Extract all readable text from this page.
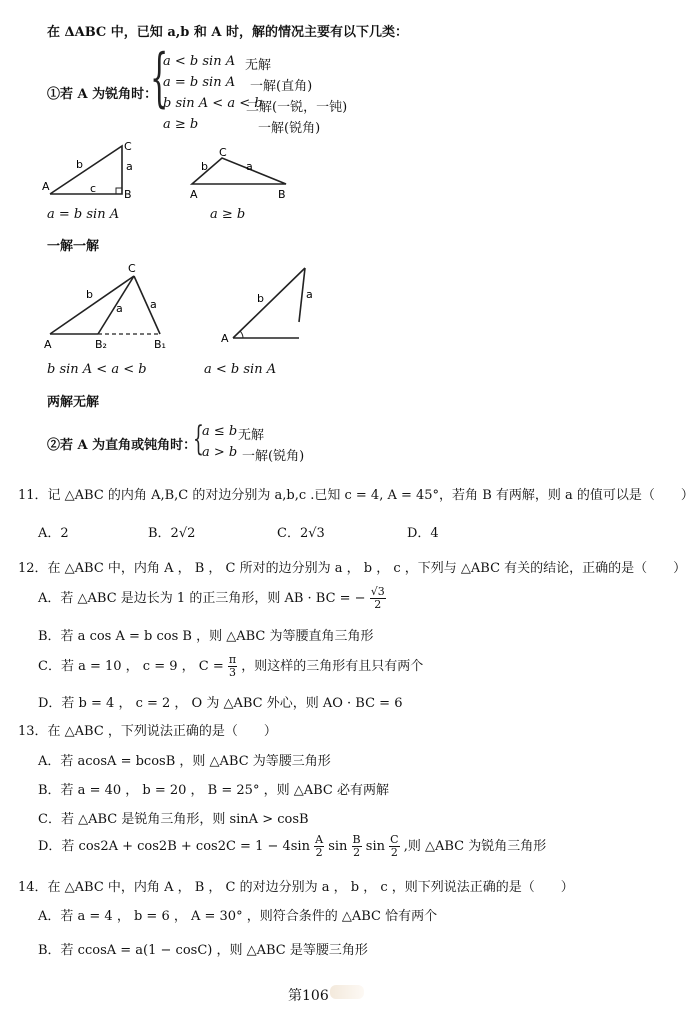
在 ΔABC 中，已知 a,b 和 A 时，解的情况主要有以下几类：
①若 A 为锐角时：
{
a < b sin A 无解
a = b sin A 一解(直角)
b sin A < a < b
二解(一锐，一钝)
a ≥ b	一解(锐角)
A
B
C
b	a
c
a = b sin A
A	B
C
b	a
a ≥ b
一解一解
A	B₂	B₁
C
b
a a
b sin A < a < b
A
b	a
a < b sin A
两解无解
②若 A 为直角或钝角时：
{
a ≤ b 无解
a > b 一解(锐角)
11．记 △ABC 的内角 A,B,C 的对边分别为 a,b,c .已知 c = 4, A = 45°，若角 B 有两解，则 a 的值可以是（　　）
A．2	B．2√2	C．2√3	D．4
12．在 △ABC 中，内角 A ， B ， C 所对的边分别为 a ， b ， c ，下列与 △ABC 有关的结论，正确的是（　　）
A．若 △ABC 是边长为 1 的正三角形，则 AB · BC = − $\frac{√3}{2}$
B．若 a cos A = b cos B ，则 △ABC 为等腰直角三角形
C．若 a = 10 ， c = 9 ， $C = \frac{\pi}{3}$ ，则这样的三角形有且只有两个
D．若 b = 4 ， c = 2 ， O 为 △ABC 外心，则 AO · BC = 6
13．在 △ABC ，下列说法正确的是（　　）
A．若 acosA = bcosB ，则 △ABC 为等腰三角形
B．若 a = 40 ， b = 20 ， B = 25° ，则 △ABC 必有两解
C．若 △ABC 是锐角三角形，则 sinA > cosB
D．若 $\cos 2A + \cos 2B + \cos 2C = 1 - 4\sin \frac{A}{2}$ $\sin \frac{B}{2}$ $\sin \frac{C}{2}$ ,则 △ABC 为锐角三角形
14．在 △ABC 中，内角 A ， B ， C 的对边分别为 a ， b ， c ，则下列说法正确的是（　　）
A．若 a = 4 ， b = 6 ， A = 30° ，则符合条件的 △ABC 恰有两个
B．若 ccosA = a(1 − cosC) ，则 △ABC 是等腰三角形
第106
